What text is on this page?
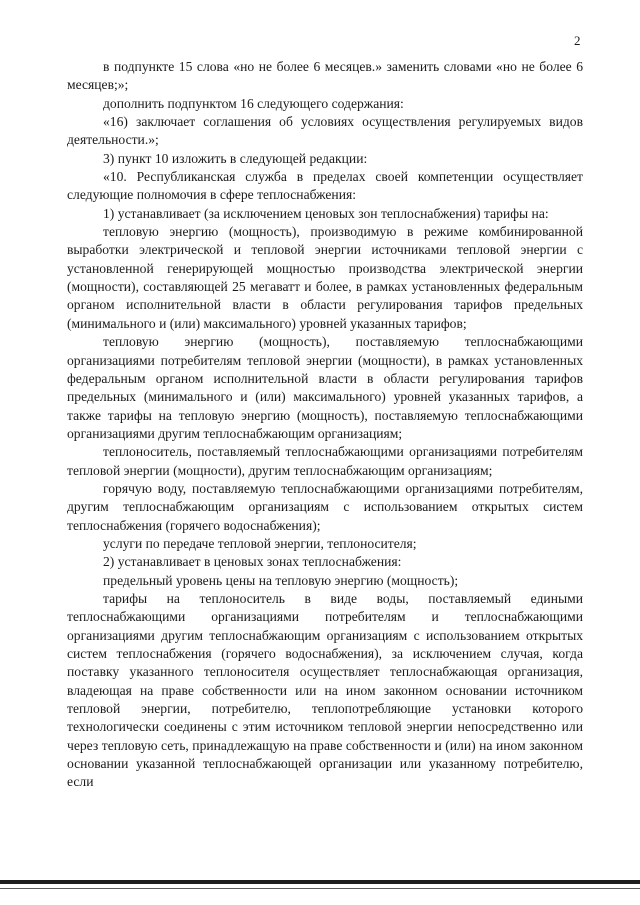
2

в подпункте 15 слова «но не более 6 месяцев.» заменить словами «но не более 6 месяцев;»;

дополнить подпунктом 16 следующего содержания:

«16) заключает соглашения об условиях осуществления регулируемых видов деятельности.»;

3) пункт 10 изложить в следующей редакции:

«10. Республиканская служба в пределах своей компетенции осуществляет следующие полномочия в сфере теплоснабжения:

1) устанавливает (за исключением ценовых зон теплоснабжения) тарифы на:

тепловую энергию (мощность), производимую в режиме комбинированной выработки электрической и тепловой энергии источниками тепловой энергии с установленной генерирующей мощностью производства электрической энергии (мощности), составляющей 25 мегаватт и более, в рамках установленных федеральным органом исполнительной власти в области регулирования тарифов предельных (минимального и (или) максимального) уровней указанных тарифов;

тепловую энергию (мощность), поставляемую теплоснабжающими организациями потребителям тепловой энергии (мощности), в рамках установленных федеральным органом исполнительной власти в области регулирования тарифов предельных (минимального и (или) максимального) уровней указанных тарифов, а также тарифы на тепловую энергию (мощность), поставляемую теплоснабжающими организациями другим теплоснабжающим организациям;

теплоноситель, поставляемый теплоснабжающими организациями потребителям тепловой энергии (мощности), другим теплоснабжающим организациям;

горячую воду, поставляемую теплоснабжающими организациями потребителям, другим теплоснабжающим организациям с использованием открытых систем теплоснабжения (горячего водоснабжения);

услуги по передаче тепловой энергии, теплоносителя;

2) устанавливает в ценовых зонах теплоснабжения:

предельный уровень цены на тепловую энергию (мощность);

тарифы на теплоноситель в виде воды, поставляемый едиными теплоснабжающими организациями потребителям и теплоснабжающими организациями другим теплоснабжающим организациям с использованием открытых систем теплоснабжения (горячего водоснабжения), за исключением случая, когда поставку указанного теплоносителя осуществляет теплоснабжающая организация, владеющая на праве собственности или на ином законном основании источником тепловой энергии, потребителю, теплопотребляющие установки которого технологически соединены с этим источником тепловой энергии непосредственно или через тепловую сеть, принадлежащую на праве собственности и (или) на ином законном основании указанной теплоснабжающей организации или указанному потребителю, если
